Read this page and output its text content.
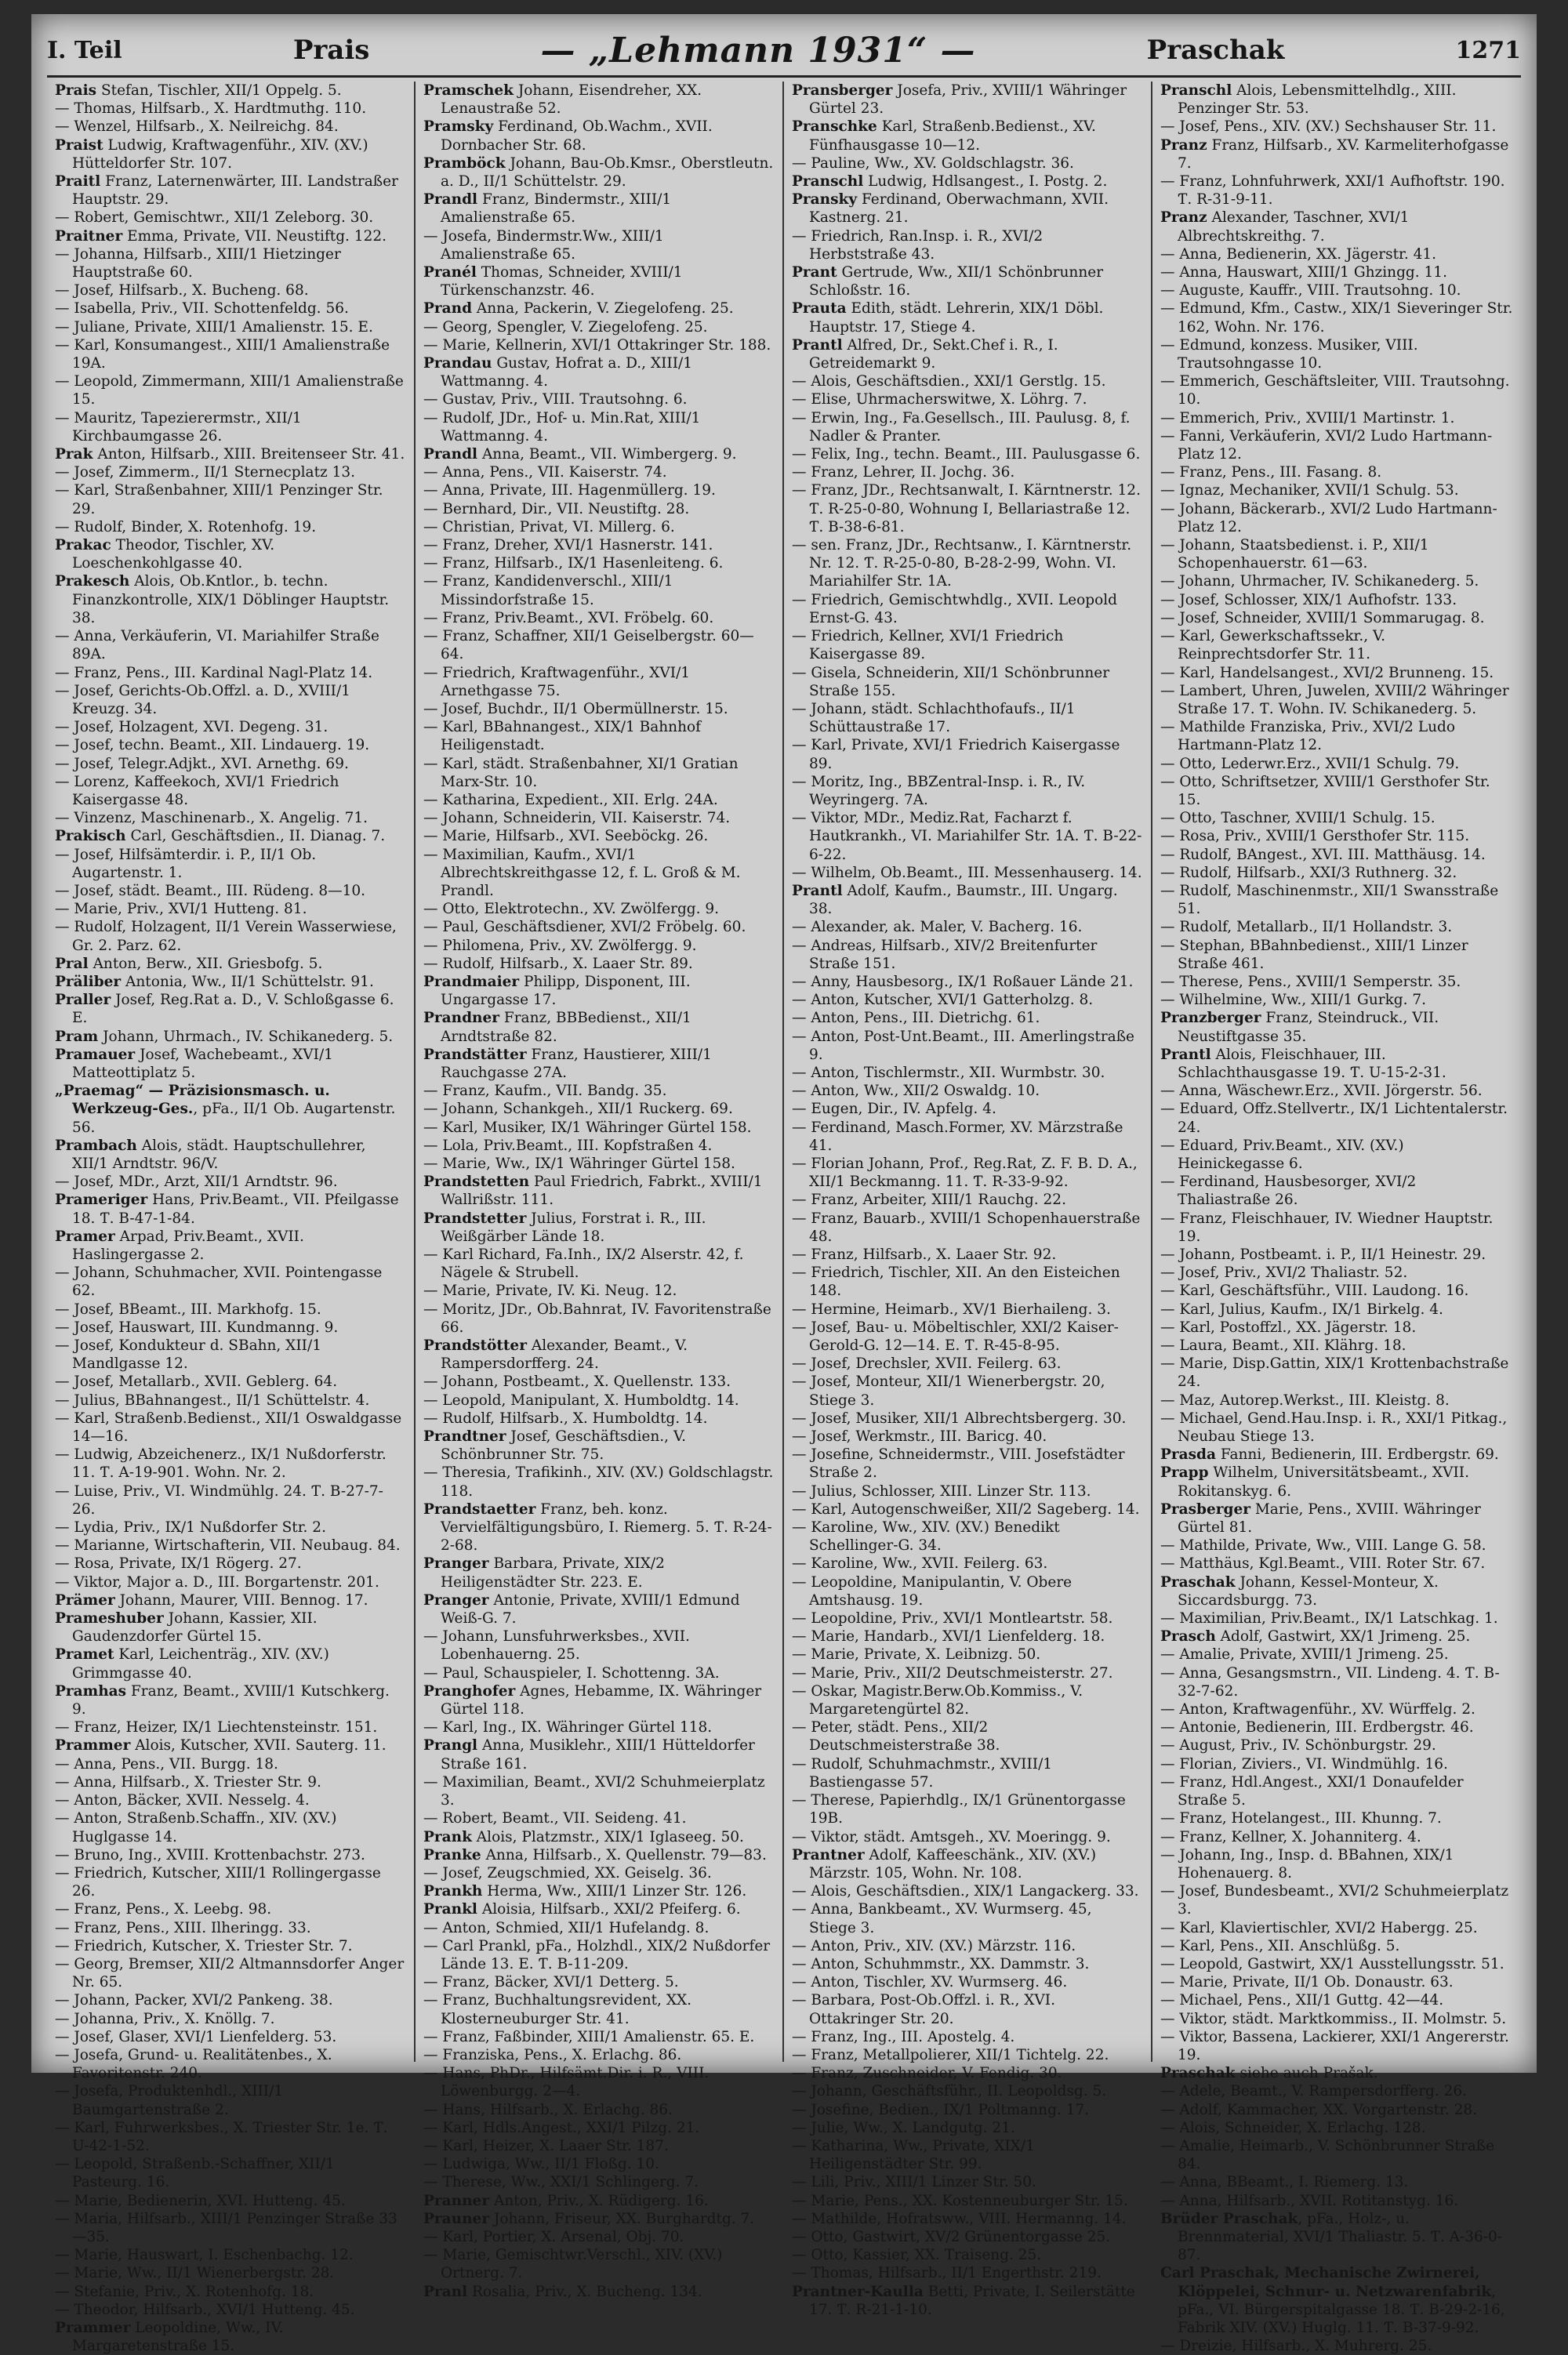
I. Teil	Prais	— „Lehmann 1931“ —	Praschak	1271
Prais Stefan, Tischler, XII/1 Oppelg. 5.
— Thomas, Hilfsarb., X. Hardtmuthg. 110.
— Wenzel, Hilfsarb., X. Neilreichg. 84.
Praist Ludwig, Kraftwagenführ., XIV. (XV.) Hütteldorfer Str. 107.
Praitl Franz, Laternenwärter, III. Landstraßer Hauptstr. 29.
— Robert, Gemischtwr., XII/1 Zeleborg. 30.
Praitner Emma, Private, VII. Neustiftg. 122.
— Johanna, Hilfsarb., XIII/1 Hietzinger Hauptstraße 60.
— Josef, Hilfsarb., X. Bucheng. 68.
— Isabella, Priv., VII. Schottenfeldg. 56.
— Juliane, Private, XIII/1 Amalienstr. 15. E.
— Karl, Konsumangest., XIII/1 Amalienstraße 19A.
— Leopold, Zimmermann, XIII/1 Amalienstraße 15.
— Mauritz, Tapezierermstr., XII/1 Kirchbaumgasse 26.
Prak Anton, Hilfsarb., XIII. Breitenseer Str. 41.
— Josef, Zimmerm., II/1 Sternecplatz 13.
— Karl, Straßenbahner, XIII/1 Penzinger Str. 29.
— Rudolf, Binder, X. Rotenhofg. 19.
Prakac Theodor, Tischler, XV. Loeschenkohlgasse 40.
Prakesch Alois, Ob.Kntlor., b. techn. Finanzkontrolle, XIX/1 Döblinger Hauptstr. 38.
— Anna, Verkäuferin, VI. Mariahilfer Straße 89A.
— Franz, Pens., III. Kardinal Nagl-Platz 14.
— Josef, Gerichts-Ob.Offzl. a. D., XVIII/1 Kreuzg. 34.
— Josef, Holzagent, XVI. Degeng. 31.
— Josef, techn. Beamt., XII. Lindauerg. 19.
— Josef, Telegr.Adjkt., XVI. Arnethg. 69.
— Lorenz, Kaffeekoch, XVI/1 Friedrich Kaisergasse 48.
— Vinzenz, Maschinenarb., X. Angelig. 71.
Prakisch Carl, Geschäftsdien., II. Dianag. 7.
— Josef, Hilfsämterdir. i. P., II/1 Ob. Augartenstr. 1.
— Josef, städt. Beamt., III. Rüdeng. 8—10.
— Marie, Priv., XVI/1 Hutteng. 81.
— Rudolf, Holzagent, II/1 Verein Wasserwiese, Gr. 2. Parz. 62.
Pral Anton, Berw., XII. Griesbofg. 5.
Präliber Antonia, Ww., II/1 Schüttelstr. 91.
Praller Josef, Reg.Rat a. D., V. Schloßgasse 6. E.
Pram Johann, Uhrmach., IV. Schikanederg. 5.
Pramauer Josef, Wachebeamt., XVI/1 Mattеottiplatz 5.
„Praemag“ — Präzisionsmasch. u. Werkzeug-Ges., pFa., II/1 Ob. Augartenstr. 56.
Prambach Alois, städt. Hauptschullehrer, XII/1 Arndtstr. 96/V.
— Josef, MDr., Arzt, XII/1 Arndtstr. 96.
Prameriger Hans, Priv.Beamt., VII. Pfeilgasse 18. Ƭ. B-47-1-84.
Pramer Arpad, Priv.Beamt., XVII. Haslingergasse 2.
— Johann, Schuhmacher, XVII. Pointengasse 62.
— Josef, BBeamt., III. Markhofg. 15.
— Josef, Hauswart, III. Kundmanng. 9.
— Josef, Kondukteur d. SBahn, XII/1 Mandlgasse 12.
— Josef, Metallarb., XVII. Geblerg. 64.
— Julius, BBahnangest., II/1 Schüttelstr. 4.
— Karl, Straßenb.Bedienst., XII/1 Oswaldgasse 14—16.
— Ludwig, Abzeichenerz., IX/1 Nußdorferstr. 11. Ƭ. A-19-901. Wohn. Nr. 2.
— Luise, Priv., VI. Windmühlg. 24. Ƭ. B-27-7-26.
— Lydia, Priv., IX/1 Nußdorfer Str. 2.
— Marianne, Wirtschafterin, VII. Neubaug. 84.
— Rosa, Private, IX/1 Rögerg. 27.
— Viktor, Major a. D., III. Borgartenstr. 201.
Prämer Johann, Maurer, VIII. Bennog. 17.
Prameshuber Johann, Kassier, XII. Gaudenzdorfer Gürtel 15.
Pramet Karl, Leichenträg., XIV. (XV.) Grimmgasse 40.
Pramhas Franz, Beamt., XVIII/1 Kutschkerg. 9.
— Franz, Heizer, IX/1 Liechtensteinstr. 151.
Prammer Alois, Kutscher, XVII. Sauterg. 11.
— Anna, Pens., VII. Burgg. 18.
— Anna, Hilfsarb., X. Triester Str. 9.
— Anton, Bäcker, XVII. Nesselg. 4.
— Anton, Straßenb.Schaffn., XIV. (XV.) Huglgasse 14.
— Bruno, Ing., XVIII. Krottenbachstr. 273.
— Friedrich, Kutscher, XIII/1 Rollingergasse 26.
— Franz, Pens., X. Leebg. 98.
— Franz, Pens., XIII. Ilheringg. 33.
— Friedrich, Kutscher, X. Triester Str. 7.
— Georg, Bremser, XII/2 Altmannsdorfer Anger Nr. 65.
— Johann, Packer, XVI/2 Pankeng. 38.
— Johanna, Priv., X. Knöllg. 7.
— Josef, Glaser, XVI/1 Lienfelderg. 53.
— Josefa, Grund- u. Realitätenbes., X. Favoritenstr. 240.
— Josefa, Produktenhdl., XIII/1 Baumgartenstraße 2.
— Karl, Fuhrwerksbes., X. Triester Str. 1e. Ƭ. U-42-1-52.
— Leopold, Straßenb.-Schaffner, XII/1 Pasteurg. 16.
— Marie, Bedienerin, XVI. Hutteng. 45.
— Maria, Hilfsarb., XIII/1 Penzinger Straße 33—35.
— Marie, Hauswart, I. Eschenbachg. 12.
— Marie, Ww., II/1 Wienerbergstr. 28.
— Stefanie, Priv., X. Rotenhofg. 18.
— Theodor, Hilfsarb., XVI/1 Hutteng. 45.
Prammer Leopoldine, Ww., IV. Margaretenstraße 15.
Pramschek Johann, Eisendreher, XX. Lenaustraße 52.
Pramsky Ferdinand, Ob.Wachm., XVII. Dornbacher Str. 68.
Pramböck Johann, Bau-Ob.Kmsr., Oberstleutn. a. D., II/1 Schüttelstr. 29.
Prandl Franz, Bindermstr., XIII/1 Amalienstraße 65.
— Josefa, Bindermstr.Ww., XIII/1 Amalienstraße 65.
Pranél Thomas, Schneider, XVIII/1 Türkenschanzstr. 46.
Prand Anna, Packerin, V. Ziegelofeng. 25.
— Georg, Spengler, V. Ziegelofeng. 25.
— Marie, Kellnerin, XVI/1 Ottakringer Str. 188.
Prandau Gustav, Hofrat a. D., XIII/1 Wattmanng. 4.
— Gustav, Priv., VIII. Trautsohng. 6.
— Rudolf, JDr., Hof- u. Min.Rat, XIII/1 Wattmanng. 4.
Prandl Anna, Beamt., VII. Wimbergerg. 9.
— Anna, Pens., VII. Kaiserstr. 74.
— Anna, Private, III. Hagenmüllerg. 19.
— Bernhard, Dir., VII. Neustiftg. 28.
— Christian, Privat, VI. Millerg. 6.
— Franz, Dreher, XVI/1 Hasnerstr. 141.
— Franz, Hilfsarb., IX/1 Hasenleiteng. 6.
— Franz, Kandidenverschl., XIII/1 Missindorfstraße 15.
— Franz, Priv.Beamt., XVI. Fröbelg. 60.
— Franz, Schaffner, XII/1 Geiselbergstr. 60—64.
— Friedrich, Kraftwagenführ., XVI/1 Arnethgasse 75.
— Josef, Buchdr., II/1 Obermüllnerstr. 15.
— Karl, BBahnangest., XIX/1 Bahnhof Heiligenstadt.
— Karl, städt. Straßenbahner, XI/1 Gratian Marx-Str. 10.
— Katharina, Expedient., XII. Erlg. 24A.
— Johann, Schneiderin, VII. Kaiserstr. 74.
— Marie, Hilfsarb., XVI. Seeböckg. 26.
— Maximilian, Kaufm., XVI/1 Albrechtskreithgasse 12, f. L. Groß & M. Prandl.
— Otto, Elektrotechn., XV. Zwölfergg. 9.
— Paul, Geschäftsdiener, XVI/2 Fröbelg. 60.
— Philomena, Priv., XV. Zwölfergg. 9.
— Rudolf, Hilfsarb., X. Laaer Str. 89.
Prandmaier Philipp, Disponent, III. Ungargasse 17.
Prandner Franz, BBBedienst., XII/1 Arndtstraße 82.
Prandstätter Franz, Haustierer, XIII/1 Rauchgasse 27A.
— Franz, Kaufm., VII. Bandg. 35.
— Johann, Schankgeh., XII/1 Ruckerg. 69.
— Karl, Musiker, IX/1 Währinger Gürtel 158.
— Lola, Priv.Beamt., III. Kopfstraßen 4.
— Marie, Ww., IX/1 Währinger Gürtel 158.
Prandstetten Paul Friedrich, Fabrkt., XVIII/1 Wallrißstr. 111.
Prandstetter Julius, Forstrat i. R., III. Weißgärber Lände 18.
— Karl Richard, Fa.Inh., IX/2 Alserstr. 42, f. Nägele & Strubell.
— Marie, Private, IV. Ki. Neug. 12.
— Moritz, JDr., Ob.Bahnrat, IV. Favoritenstraße 66.
Prandstötter Alexander, Beamt., V. Rampersdorfferg. 24.
— Johann, Postbeamt., X. Quellenstr. 133.
— Leopold, Manipulant, X. Humboldtg. 14.
— Rudolf, Hilfsarb., X. Humboldtg. 14.
Prandtner Josef, Geschäftsdien., V. Schönbrunner Str. 75.
— Theresia, Trafikinh., XIV. (XV.) Goldschlagstr. 118.
Prandstaetter Franz, beh. konz. Vervielfältigungsbüro, I. Riemerg. 5. Ƭ. R-24-2-68.
Pranger Barbara, Private, XIX/2 Heiligenstädter Str. 223. E.
Pranger Antonie, Private, XVIII/1 Edmund Weiß-G. 7.
— Johann, Lunsfuhrwerksbes., XVII. Lobenhauerng. 25.
— Paul, Schauspieler, I. Schottenng. 3A.
Pranghofer Agnes, Hebamme, IX. Währinger Gürtel 118.
— Karl, Ing., IX. Währinger Gürtel 118.
Prangl Anna, Musiklehr., XIII/1 Hütteldorfer Straße 161.
— Maximilian, Beamt., XVI/2 Schuhmeierplatz 3.
— Robert, Beamt., VII. Seideng. 41.
Prank Alois, Platzmstr., XIX/1 Iglaseeg. 50.
Pranke Anna, Hilfsarb., X. Quellenstr. 79—83.
— Josef, Zeugschmied, XX. Geiselg. 36.
Prankh Herma, Ww., XIII/1 Linzer Str. 126.
Prankl Aloisia, Hilfsarb., XXI/2 Pfeiferg. 6.
— Anton, Schmied, XII/1 Hufelandg. 8.
— Carl Prankl, pFa., Holzhdl., XIX/2 Nußdorfer Lände 13. E. Ƭ. B-11-209.
— Franz, Bäcker, XVI/1 Detterg. 5.
— Franz, Buchhaltungsrevident, XX. Klosterneuburger Str. 41.
— Franz, Faßbinder, XIII/1 Amalienstr. 65. E.
— Franziska, Pens., X. Erlachg. 86.
— Hans, PhDr., Hilfsämt.Dir. i. R., VIII. Löwenburgg. 2—4.
— Hans, Hilfsarb., X. Erlachg. 86.
— Karl, Hdls.Angest., XXI/1 Pilzg. 21.
— Karl, Heizer, X. Laaer Str. 187.
— Ludwiga, Ww., II/1 Floßg. 10.
— Therese, Ww., XXI/1 Schlingerg. 7.
Pranner Anton, Priv., X. Rüdigerg. 16.
Prauner Johann, Friseur, XX. Burghardtg. 7.
— Karl, Portier, X. Arsenal, Obj. 70.
— Marie, Gemischtwr.Verschl., XIV. (XV.) Ortnerg. 7.
Pranl Rosalia, Priv., X. Bucheng. 134.
Pransberger Josefa, Priv., XVIII/1 Währinger Gürtel 23.
Pranschke Karl, Straßenb.Bedienst., XV. Fünfhausgasse 10—12.
— Pauline, Ww., XV. Goldschlagstr. 36.
Pranschl Ludwig, Hdlsangest., I. Postg. 2.
Pransky Ferdinand, Oberwachmann, XVII. Kastnerg. 21.
— Friedrich, Ran.Insp. i. R., XVI/2 Herbststraße 43.
Prant Gertrude, Ww., XII/1 Schönbrunner Schloßstr. 16.
Prauta Edith, städt. Lehrerin, XIX/1 Döbl. Hauptstr. 17, Stiege 4.
Prantl Alfred, Dr., Sekt.Chef i. R., I. Getreidemarkt 9.
— Alois, Geschäftsdien., XXI/1 Gerstlg. 15.
— Elise, Uhrmacherswitwe, X. Löhrg. 7.
— Erwin, Ing., Fa.Gesellsch., III. Paulusg. 8, f. Nadler & Pranter.
— Felix, Ing., techn. Beamt., III. Paulusgasse 6.
— Franz, Lehrer, II. Jochg. 36.
— Franz, JDr., Rechtsanwalt, I. Kärntnerstr. 12. Ƭ. R-25-0-80, Wohnung I, Bellariastraße 12. Ƭ. B-38-6-81.
— sen. Franz, JDr., Rechtsanw., I. Kärntnerstr. Nr. 12. Ƭ. R-25-0-80, B-28-2-99, Wohn. VI. Mariahilfer Str. 1A.
— Friedrich, Gemischtwhdlg., XVII. Leopold Ernst-G. 43.
— Friedrich, Kellner, XVI/1 Friedrich Kaisergasse 89.
— Gisela, Schneiderin, XII/1 Schönbrunner Straße 155.
— Johann, städt. Schlachthofaufs., II/1 Schüttaustraße 17.
— Karl, Private, XVI/1 Friedrich Kaisergasse 89.
— Moritz, Ing., BBZentral-Insp. i. R., IV. Weyringerg. 7A.
— Viktor, MDr., Mediz.Rat, Facharzt f. Hautkrankh., VI. Mariahilfer Str. 1A. Ƭ. B-22-6-22.
— Wilhelm, Ob.Beamt., III. Messenhauserg. 14.
Prantl Adolf, Kaufm., Baumstr., III. Ungarg. 38.
— Alexander, ak. Maler, V. Bacherg. 16.
— Andreas, Hilfsarb., XIV/2 Breitenfurter Straße 151.
— Anny, Hausbesorg., IX/1 Roßauer Lände 21.
— Anton, Kutscher, XVI/1 Gatterholzg. 8.
— Anton, Pens., III. Dietrichg. 61.
— Anton, Post-Unt.Beamt., III. Amerlingstraße 9.
— Anton, Tischlermstr., XII. Wurmbstr. 30.
— Anton, Ww., XII/2 Oswaldg. 10.
— Eugen, Dir., IV. Apfelg. 4.
— Ferdinand, Masch.Former, XV. Märzstraße 41.
— Florian Johann, Prof., Reg.Rat, Z. F. B. D. A., XII/1 Beckmanng. 11. Ƭ. R-33-9-92.
— Franz, Arbeiter, XIII/1 Rauchg. 22.
— Franz, Bauarb., XVIII/1 Schopenhauerstraße 48.
— Franz, Hilfsarb., X. Laaer Str. 92.
— Friedrich, Tischler, XII. An den Eisteichen 148.
— Hermine, Heimarb., XV/1 Bierhaileng. 3.
— Josef, Bau- u. Möbeltischler, XXI/2 Kaiser-Gerold-G. 12—14. E. Ƭ. R-45-8-95.
— Josef, Drechsler, XVII. Feilerg. 63.
— Josef, Monteur, XII/1 Wienerbergstr. 20, Stiege 3.
— Josef, Musiker, XII/1 Albrechtsbergerg. 30.
— Josef, Werkmstr., III. Baricg. 40.
— Josefine, Schneidermstr., VIII. Josefstädter Straße 2.
— Julius, Schlosser, XIII. Linzer Str. 113.
— Karl, Autogenschweißer, XII/2 Sageberg. 14.
— Karoline, Ww., XIV. (XV.) Benedikt Schellinger-G. 34.
— Karoline, Ww., XVII. Feilerg. 63.
— Leopoldine, Manipulantin, V. Obere Amtshausg. 19.
— Leopoldine, Priv., XVI/1 Montleartstr. 58.
— Marie, Handarb., XVI/1 Lienfelderg. 18.
— Marie, Private, X. Leibnizg. 50.
— Marie, Priv., XII/2 Deutschmeisterstr. 27.
— Oskar, Magistr.Berw.Ob.Kommiss., V. Margaretengürtel 82.
— Peter, städt. Pens., XII/2 Deutschmeisterstraße 38.
— Rudolf, Schuhmachmstr., XVIII/1 Bastiengasse 57.
— Therese, Papierhdlg., IX/1 Grünentorgasse 19B.
— Viktor, städt. Amtsgeh., XV. Moeringg. 9.
Prantner Adolf, Kaffeeschänk., XIV. (XV.) Märzstr. 105, Wohn. Nr. 108.
— Alois, Geschäftsdien., XIX/1 Langackerg. 33.
— Anna, Bankbeamt., XV. Wurmserg. 45, Stiege 3.
— Anton, Priv., XIV. (XV.) Märzstr. 116.
— Anton, Schuhmmstr., XX. Dammstr. 3.
— Anton, Tischler, XV. Wurmserg. 46.
— Barbara, Post-Ob.Offzl. i. R., XVI. Ottakringer Str. 20.
— Franz, Ing., III. Apostelg. 4.
— Franz, Metallpolierer, XII/1 Tichtelg. 22.
— Franz, Zuschneider, V. Fendig. 30.
— Johann, Geschäftsführ., II. Leopoldsg. 5.
— Josefine, Bedien., IX/1 Poltmanng. 17.
— Julie, Ww., X. Landgutg. 21.
— Katharina, Ww., Private, XIX/1 Heiligenstädter Str. 99.
— Lili, Priv., XIII/1 Linzer Str. 50.
— Marie, Pens., XX. Kostenneuburger Str. 15.
— Mathilde, Hofratsww., VIII. Hermanng. 14.
— Otto, Gastwirt, XV/2 Grünentorgasse 25.
— Otto, Kassier, XX. Traiseng. 25.
— Thomas, Hilfsarb., II/1 Engerthstr. 219.
Prantner-Kaulla Betti, Private, I. Seilerstätte 17. Ƭ. R-21-1-10.
Pranschl Alois, Lebensmittelhdlg., XIII. Penzinger Str. 53.
— Josef, Pens., XIV. (XV.) Sechshauser Str. 11.
Pranz Franz, Hilfsarb., XV. Karmeliterhofgasse 7.
— Franz, Lohnfuhrwerk, XXI/1 Aufhoftstr. 190. Ƭ. R-31-9-11.
Pranz Alexander, Taschner, XVI/1 Albrechtskreithg. 7.
— Anna, Bedienerin, XX. Jägerstr. 41.
— Anna, Hauswart, XIII/1 Ghzingg. 11.
— Auguste, Kauffr., VIII. Trautsohng. 10.
— Edmund, Kfm., Castw., XIX/1 Sieveringer Str. 162, Wohn. Nr. 176.
— Edmund, konzess. Musiker, VIII. Trautsohngasse 10.
— Emmerich, Geschäftsleiter, VIII. Trautsohng. 10.
— Emmerich, Priv., XVIII/1 Martinstr. 1.
— Fanni, Verkäuferin, XVI/2 Ludo Hartmann-Platz 12.
— Franz, Pens., III. Fasang. 8.
— Ignaz, Mechaniker, XVII/1 Schulg. 53.
— Johann, Bäckerarb., XVI/2 Ludo Hartmann-Platz 12.
— Johann, Staatsbedienst. i. P., XII/1 Schopenhauerstr. 61—63.
— Johann, Uhrmacher, IV. Schikanederg. 5.
— Josef, Schlosser, XIX/1 Aufhofstr. 133.
— Josef, Schneider, XVIII/1 Sommarugag. 8.
— Karl, Gewerkschaftssekr., V. Reinprechtsdorfer Str. 11.
— Karl, Handelsangest., XVI/2 Brunneng. 15.
— Lambert, Uhren, Juwelen, XVIII/2 Währinger Straße 17. Ƭ. Wohn. IV. Schikanederg. 5.
— Mathilde Franziska, Priv., XVI/2 Ludo Hartmann-Platz 12.
— Otto, Lederwr.Erz., XVII/1 Schulg. 79.
— Otto, Schriftsetzer, XVIII/1 Gersthofer Str. 15.
— Otto, Taschner, XVIII/1 Schulg. 15.
— Rosa, Priv., XVIII/1 Gersthofer Str. 115.
— Rudolf, BAngest., XVI. III. Matthäusg. 14.
— Rudolf, Hilfsarb., XXI/3 Ruthnerg. 32.
— Rudolf, Maschinenmstr., XII/1 Swansstraße 51.
— Rudolf, Metallarb., II/1 Hollandstr. 3.
— Stephan, BBahnbedienst., XIII/1 Linzer Straße 461.
— Therese, Pens., XVIII/1 Semperstr. 35.
— Wilhelmine, Ww., XIII/1 Gurkg. 7.
Pranzberger Franz, Steindruck., VII. Neustiftgasse 35.
Prantl Alois, Fleischhauer, III. Schlachthausgasse 19. Ƭ. U-15-2-31.
— Anna, Wäschewr.Erz., XVII. Jörgerstr. 56.
— Eduard, Offz.Stellvertr., IX/1 Lichtentalerstr. 24.
— Eduard, Priv.Beamt., XIV. (XV.) Heinickegasse 6.
— Ferdinand, Hausbesorger, XVI/2 Thaliastraße 26.
— Franz, Fleischhauer, IV. Wiedner Hauptstr. 19.
— Johann, Postbeamt. i. P., II/1 Heinestr. 29.
— Josef, Priv., XVI/2 Thaliastr. 52.
— Karl, Geschäftsführ., VIII. Laudong. 16.
— Karl, Julius, Kaufm., IX/1 Birkelg. 4.
— Karl, Postoffzl., XX. Jägerstr. 18.
— Laura, Beamt., XII. Klährg. 18.
— Marie, Disp.Gattin, XIX/1 Krottenbachstraße 24.
— Maz, Autorep.Werkst., III. Kleistg. 8.
— Michael, Gend.Hau.Insp. i. R., XXI/1 Pitkag., Neubau Stiege 13.
Prasda Fanni, Bedienerin, III. Erdbergstr. 69.
Prapp Wilhelm, Universitätsbeamt., XVII. Rokitanskyg. 6.
Prasberger Marie, Pens., XVIII. Währinger Gürtel 81.
— Mathilde, Private, Ww., VIII. Lange G. 58.
— Matthäus, Kgl.Beamt., VIII. Roter Str. 67.
Praschak Johann, Kessel-Monteur, X. Siccardsburgg. 73.
— Maximilian, Priv.Beamt., IX/1 Latschkag. 1.
Prasch Adolf, Gastwirt, XX/1 Jrimeng. 25.
— Amalie, Private, XVIII/1 Jrimeng. 25.
— Anna, Gesangsmstrn., VII. Lindeng. 4. Ƭ. B-32-7-62.
— Anton, Kraftwagenführ., XV. Würffelg. 2.
— Antonie, Bedienerin, III. Erdbergstr. 46.
— August, Priv., IV. Schönburgstr. 29.
— Florian, Ziviers., VI. Windmühlg. 16.
— Franz, Hdl.Angest., XXI/1 Donaufelder Straße 5.
— Franz, Hotelangest., III. Khunng. 7.
— Franz, Kellner, X. Johanniterg. 4.
— Johann, Ing., Insp. d. BBahnen, XIX/1 Hohenauerg. 8.
— Josef, Bundesbeamt., XVI/2 Schuhmeierplatz 3.
— Karl, Klaviertischler, XVI/2 Habergg. 25.
— Karl, Pens., XII. Anschlüßg. 5.
— Leopold, Gastwirt, XX/1 Ausstellungsstr. 51.
— Marie, Private, II/1 Ob. Donaustr. 63.
— Michael, Pens., XII/1 Guttg. 42—44.
— Viktor, städt. Marktkommiss., II. Molmstr. 5.
— Viktor, Bassena, Lackierer, XXI/1 Angererstr. 19.
Praschak siehe auch Prašak.
— Adele, Beamt., V. Rampersdorfferg. 26.
— Adolf, Kammacher, XX. Vorgartenstr. 28.
— Alois, Schneider, X. Erlachg. 128.
— Amalie, Heimarb., V. Schönbrunner Straße 84.
— Anna, BBeamt., I. Riemerg. 13.
— Anna, Hilfsarb., XVII. Rotitanstyg. 16.
Brüder Praschak, pFa., Holz-, u. Brennmaterial, XVI/1 Thaliastr. 5. Ƭ. A-36-0-87.
Carl Praschak, Mechanische Zwirnerei, Klöppelei, Schnur- u. Netzwarenfabrik, pFa., VI. Bürgerspitalgasse 18. Ƭ. B-29-2-16, Fabrik XIV. (XV.) Huglg. 11. Ƭ. B-37-9-92.
— Dreizie, Hilfsarb., X. Muhrerg. 25.
